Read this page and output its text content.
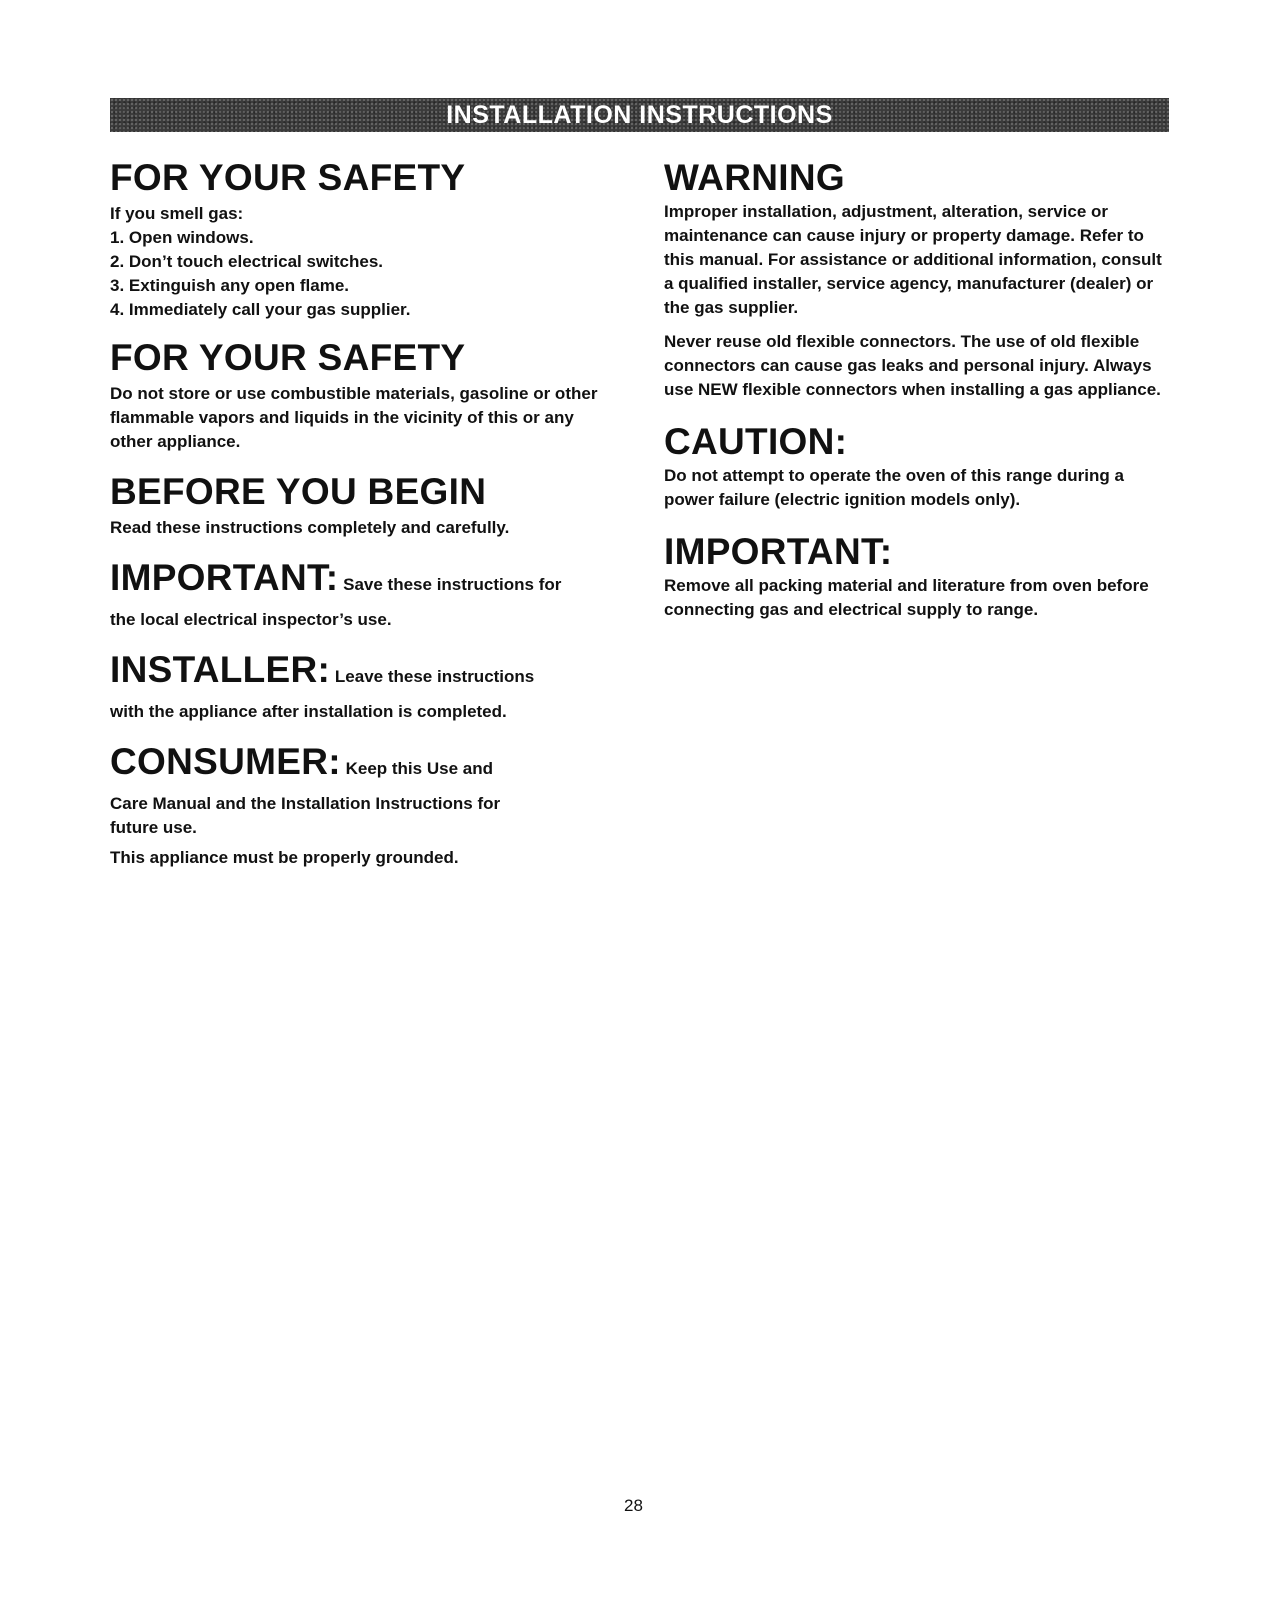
INSTALLATION INSTRUCTIONS
FOR YOUR SAFETY

If you smell gas:

1. Open windows.
2. Don’t touch electrical switches.
3. Extinguish any open flame.
4. Immediately call your gas supplier.
FOR YOUR SAFETY

Do not store or use combustible materials, gasoline or other flammable vapors and liquids in the vicinity of this or any other appliance.

BEFORE YOU BEGIN

Read these instructions completely and carefully.

IMPORTANT: Save these instructions for

the local electrical inspector’s use.

INSTALLER: Leave these instructions

with the appliance after installation is completed.

CONSUMER: Keep this Use and

Care Manual and the Installation Instructions for future use.

This appliance must be properly grounded.

WARNING

Improper installation, adjustment, alteration, service or maintenance can cause injury or property damage. Refer to this manual. For assistance or additional information, consult a qualified installer, service agency, manufacturer (dealer) or the gas supplier.

Never reuse old flexible connectors. The use of old flexible connectors can cause gas leaks and personal injury. Always use NEW flexible connectors when installing a gas appliance.

CAUTION:

Do not attempt to operate the oven of this range during a power failure (electric ignition models only).

IMPORTANT:

Remove all packing material and literature from oven before connecting gas and electrical supply to range.

28
